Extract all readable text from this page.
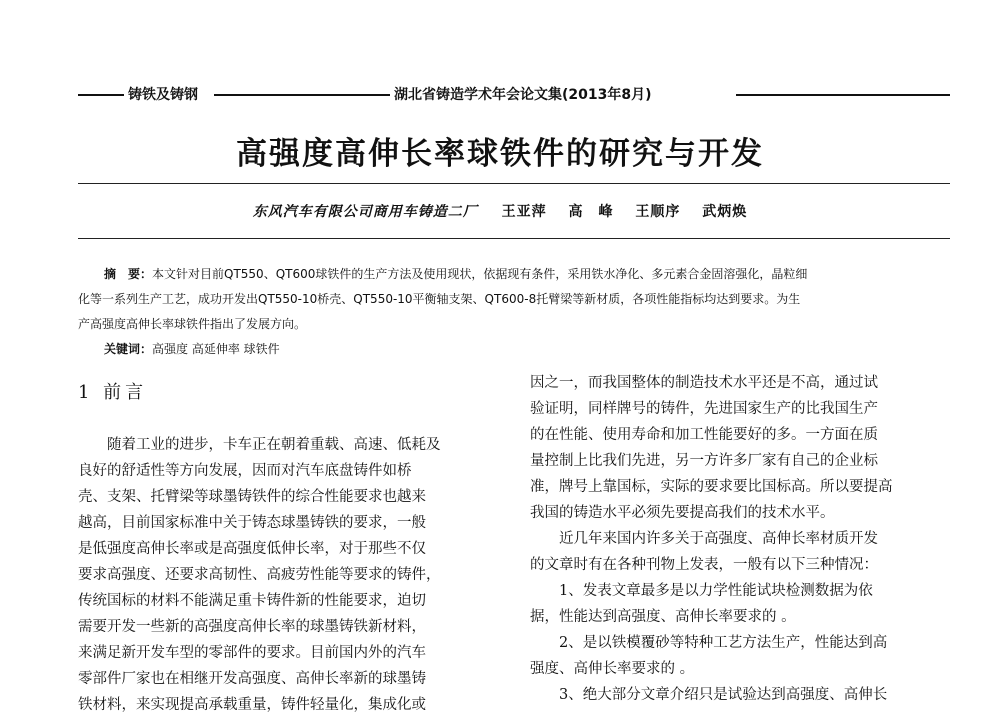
铸铁及铸钢	湖北省铸造学术年会论文集(2013年8月)
高强度高伸长率球铁件的研究与开发
东风汽车有限公司商用车铸造二厂 王亚萍 高　峰 王顺序 武炳焕

摘　要：本文针对目前QT550、QT600球铁件的生产方法及使用现状，依据现有条件，采用铁水净化、多元素合金固溶强化，晶粒细

化等一系列生产工艺，成功开发出QT550-10桥壳、QT550-10平衡轴支架、QT600-8托臂梁等新材质，各项性能指标均达到要求。为生

产高强度高伸长率球铁件指出了发展方向。

关键词：高强度 高延伸率 球铁件

1 前言

　　随着工业的进步，卡车正在朝着重载、高速、低耗及

良好的舒适性等方向发展，因而对汽车底盘铸件如桥

壳、支架、托臂梁等球墨铸铁件的综合性能要求也越来

越高，目前国家标准中关于铸态球墨铸铁的要求，一般

是低强度高伸长率或是高强度低伸长率，对于那些不仅

要求高强度、还要求高韧性、高疲劳性能等要求的铸件，

传统国标的材料不能满足重卡铸件新的性能要求，迫切

需要开发一些新的高强度高伸长率的球墨铸铁新材料，

来满足新开发车型的零部件的要求。目前国内外的汽车

零部件厂家也在相继开发高强度、高伸长率新的球墨铸

铁材料，来实现提高承载重量，铸件轻量化，集成化或

因之一，而我国整体的制造技术水平还是不高，通过试

验证明，同样牌号的铸件，先进国家生产的比我国生产

的在性能、使用寿命和加工性能要好的多。一方面在质

量控制上比我们先进，另一方许多厂家有自己的企业标

准，牌号上靠国标，实际的要求要比国标高。所以要提高

我国的铸造水平必须先要提高我们的技术水平。

　　近几年来国内许多关于高强度、高伸长率材质开发

的文章时有在各种刊物上发表，一般有以下三种情况：

　　1、发表文章最多是以力学性能试块检测数据为依

据，性能达到高强度、高伸长率要求的 。

　　2、是以铁模覆砂等特种工艺方法生产，性能达到高

强度、高伸长率要求的 。

　　3、绝大部分文章介绍只是试验达到高强度、高伸长
